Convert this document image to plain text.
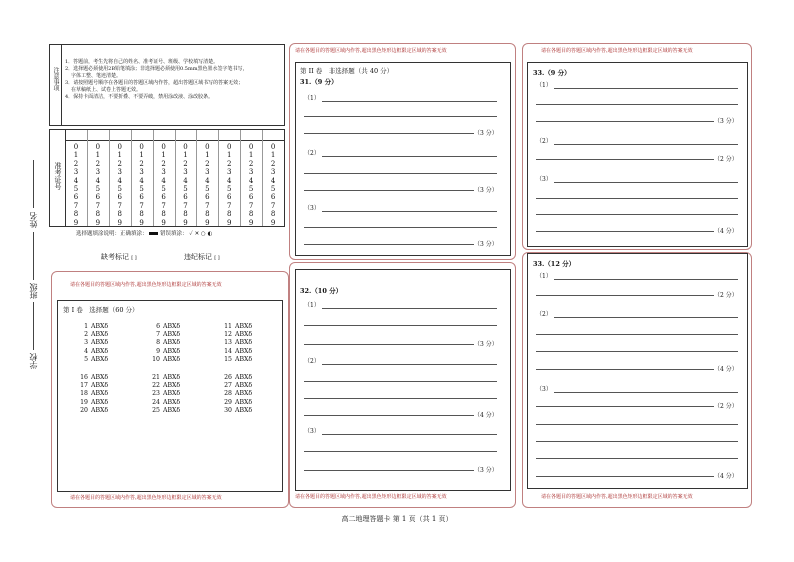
姓名
班级
学校
注意事项
1．答题前，考生先将自己的姓名、准考证号、班级、学校填写清楚。
2．选择题必须使用2B铅笔填涂；非选择题必须使用0.5mm黑色墨水签字笔书写，
字体工整、笔迹清楚。
3．请按照题号顺序在各题目的答题区域内作答，超出答题区域书写的答案无效；
在草稿纸上、试卷上答题无效。
4．保持卡面清洁，不要折叠、不要弄破，禁用涂改液、涂改胶条。
准考证号
0
1
2
3
4
5
6
7
8
9
0
1
2
3
4
5
6
7
8
9
0
1
2
3
4
5
6
7
8
9
0
1
2
3
4
5
6
7
8
9
0
1
2
3
4
5
6
7
8
9
0
1
2
3
4
5
6
7
8
9
0
1
2
3
4
5
6
7
8
9
0
1
2
3
4
5
6
7
8
9
0
1
2
3
4
5
6
7
8
9
0
1
2
3
4
5
6
7
8
9
选择题填涂说明：正确填涂： 错误填涂： ✓ ✕ ○ ◐
缺考标记 [ ]	违纪标记 [ ]
请在各题目的答题区域内作答,超出黑色矩形边框限定区域的答案无效
第 I 卷　选择题（60 分）
1 ABXδ
2 ABXδ
3 ABXδ
4 ABXδ
5 ABXδ
6 ABXδ
7 ABXδ
8 ABXδ
9 ABXδ
10 ABXδ
11 ABXδ
12 ABXδ
13 ABXδ
14 ABXδ
15 ABXδ
16 ABXδ
17 ABXδ
18 ABXδ
19 ABXδ
20 ABXδ
21 ABXδ
22 ABXδ
23 ABXδ
24 ABXδ
25 ABXδ
26 ABXδ
27 ABXδ
28 ABXδ
29 ABXδ
30 ABXδ
请在各题目的答题区域内作答,超出黑色矩形边框限定区域的答案无效
请在各题目的答题区域内作答,超出黑色矩形边框限定区域的答案无效
第 II 卷　非选择题（共 40 分）
31.（9 分）
（1）
（3 分）
（2）
（3 分）
（3）
（3 分）
32.（10 分）
（1）
（3 分）
（2）
（4 分）
（3）
（3 分）
请在各题目的答题区域内作答,超出黑色矩形边框限定区域的答案无效
请在各题目的答题区域内作答,超出黑色矩形边框限定区域的答案无效
33.（9 分）
（1）
（3 分）
（2）
（2 分）
（3）
（4 分）
33.（12 分）
（1）
（2 分）
（2）
（4 分）
（3）
（2 分）
（4 分）
请在各题目的答题区域内作答,超出黑色矩形边框限定区域的答案无效
高二地理答题卡 第 1 页（共 1 页）
